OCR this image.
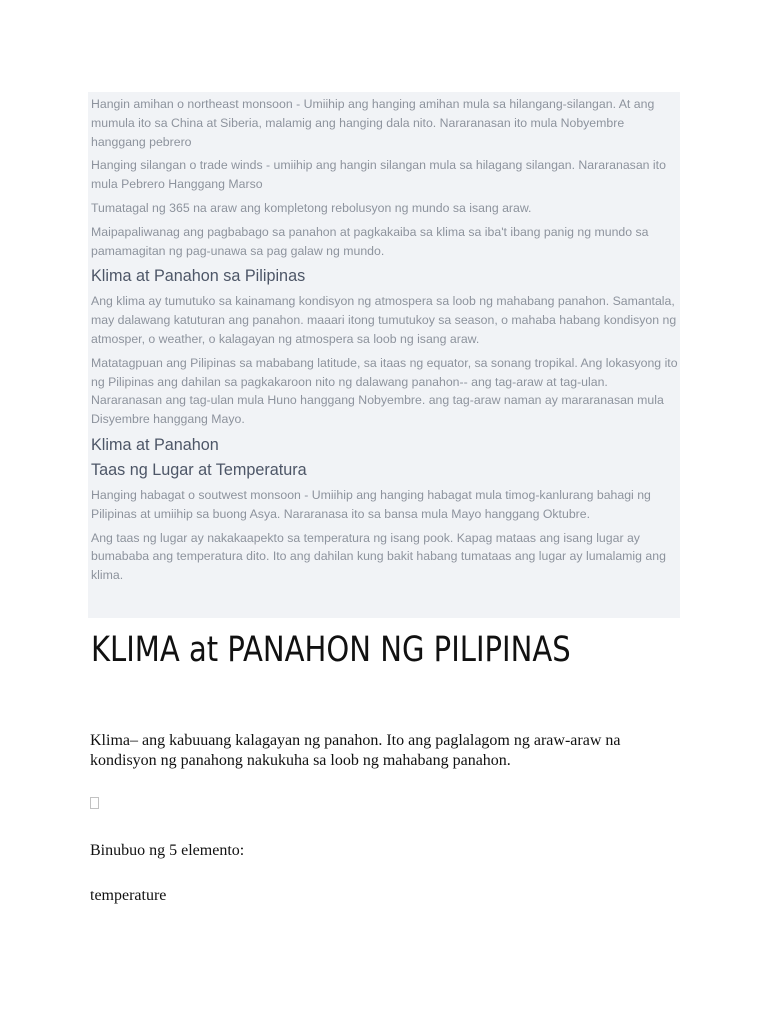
Hangin amihan o northeast monsoon - Umiihip ang hanging amihan mula sa hilangang-silangan. At ang mumula ito sa China at Siberia, malamig ang hanging dala nito. Nararanasan ito mula Nobyembre hanggang pebrero

Hanging silangan o trade winds - umiihip ang hangin silangan mula sa hilagang silangan. Nararanasan ito mula Pebrero Hanggang Marso

Tumatagal ng 365 na araw ang kompletong rebolusyon ng mundo sa isang araw.

Maipapaliwanag ang pagbabago sa panahon at pagkakaiba sa klima sa iba't ibang panig ng mundo sa pamamagitan ng pag-unawa sa pag galaw ng mundo.

Klima at Panahon sa Pilipinas

Ang klima ay tumutuko sa kainamang kondisyon ng atmospera sa loob ng mahabang panahon. Samantala, may dalawang katuturan ang panahon. maaari itong tumutukoy sa season, o mahaba habang kondisyon ng atmosper, o weather, o kalagayan ng atmospera sa loob ng isang araw.

Matatagpuan ang Pilipinas sa mababang latitude, sa itaas ng equator, sa sonang tropikal. Ang lokasyong ito ng Pilipinas ang dahilan sa pagkakaroon nito ng dalawang panahon-- ang tag-araw at tag-ulan. Nararanasan ang tag-ulan mula Huno hanggang Nobyembre. ang tag-araw naman ay mararanasan mula Disyembre hanggang Mayo.

Klima at Panahon
Taas ng Lugar at Temperatura

Hanging habagat o soutwest monsoon - Umiihip ang hanging habagat mula timog-kanlurang bahagi ng Pilipinas at umiihip sa buong Asya. Nararanasa ito sa bansa mula Mayo hanggang Oktubre.

Ang taas ng lugar ay nakakaapekto sa temperatura ng isang pook. Kapag mataas ang isang lugar ay bumababa ang temperatura dito. Ito ang dahilan kung bakit habang tumataas ang lugar ay lumalamig ang klima.

KLIMA at PANAHON NG PILIPINAS

Klima– ang kabuuang kalagayan ng panahon. Ito ang paglalagom ng araw-araw na kondisyon ng panahong nakukuha sa loob ng mahabang panahon.

Binubuo ng 5 elemento:

temperature
